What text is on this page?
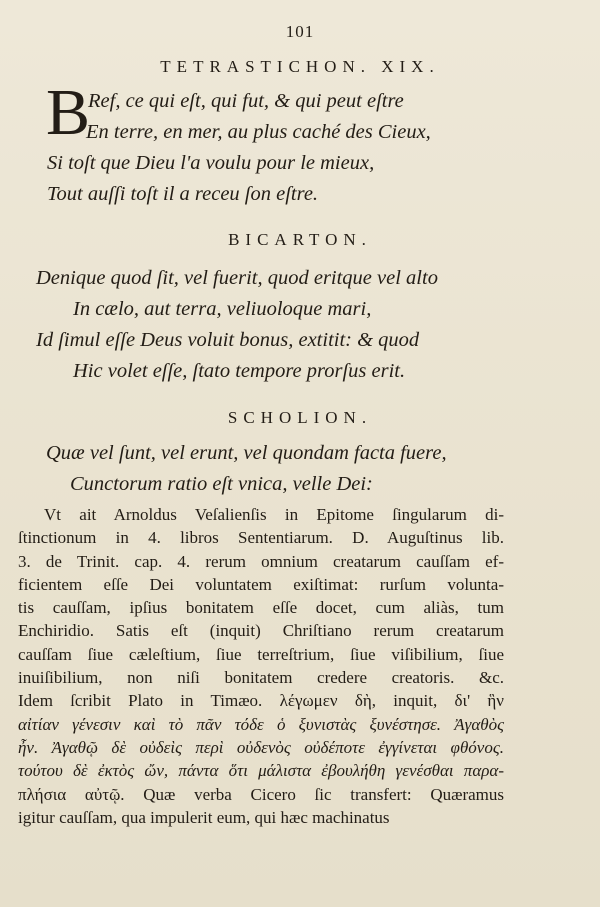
101
TETRASTICHON. XIX.
B
Ref, ce qui eſt, qui fut, & qui peut eſtre
En terre, en mer, au plus caché des Cieux,
Si toſt que Dieu l'a voulu pour le mieux,
Tout auſſi toſt il a receu ſon eſtre.
BICARTON.
Denique quod ſit, vel fuerit, quod eritque vel alto
In cælo, aut terra, veliuoloque mari,
Id ſimul eſſe Deus voluit bonus, extitit: & quod
Hic volet eſſe, ſtato tempore prorſus erit.
SCHOLION.
Quæ vel ſunt, vel erunt, vel quondam facta fuere,
Cunctorum ratio eſt vnica, velle Dei:
Vt ait Arnoldus Veſalienſis in Epitome ſingularum di-
ſtinctionum in 4. libros Sententiarum. D. Auguſtinus lib.
3. de Trinit. cap. 4. rerum omnium creatarum cauſſam ef-
ficientem eſſe Dei voluntatem exiſtimat: rurſum volunta-
tis cauſſam, ipſius bonitatem eſſe docet, cum aliàs, tum
Enchiridio. Satis eſt (inquit) Chriſtiano rerum creatarum
cauſſam ſiue cæleſtium, ſiue terreſtrium, ſiue viſibilium, ſiue
inuiſibilium, non niſi bonitatem credere creatoris. &c.
Idem ſcribit Plato in Timæo. λέγωμεν δὴ, inquit, δι' ἣν
αἰτίαν γένεσιν καὶ τὸ πᾶν τόδε ὁ ξυνιστὰς ξυνέστησε. Ἀγαθὸς
ἦν. Ἀγαθῷ δὲ οὐδεὶς περὶ οὐδενὸς οὐδέποτε ἐγγίνεται φθόνος.
τούτου δὲ ἐκτὸς ὤν, πάντα ὅτι μάλιστα ἐβουλήθη γενέσθαι παρα-
πλήσια αὐτῷ. Quæ verba Cicero ſic transfert: Quæramus
igitur cauſſam, qua impulerit eum, qui hæc machinatus
